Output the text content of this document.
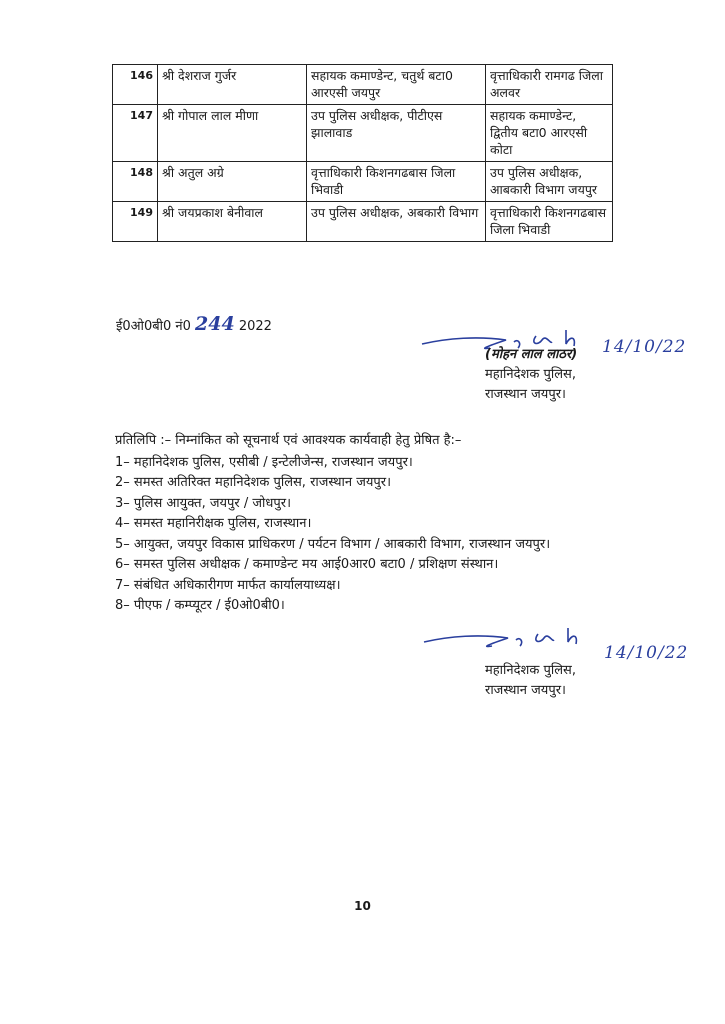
146	श्री देशराज गुर्जर	सहायक कमाण्डेन्ट, चतुर्थ बटा0 आरएसी जयपुर	वृत्ताधिकारी रामगढ जिला अलवर
147	श्री गोपाल लाल मीणा	उप पुलिस अधीक्षक, पीटीएस झालावाड	सहायक कमाण्डेन्ट, द्वितीय बटा0 आरएसी कोटा
148	श्री अतुल अग्रे	वृत्ताधिकारी किशनगढबास जिला भिवाडी	उप पुलिस अधीक्षक, आबकारी विभाग जयपुर
149	श्री जयप्रकाश बेनीवाल	उप पुलिस अधीक्षक, अबकारी विभाग	वृत्ताधिकारी किशनगढबास जिला भिवाडी
ई0ओ0बी0 नं0 244 2022
14/10/22
(मोहन लाल लाठर)
महानिदेशक पुलिस,
राजस्थान जयपुर।
प्रतिलिपि :– निम्नांकित को सूचनार्थ एवं आवश्यक कार्यवाही हेतु प्रेषित है:–
1– महानिदेशक पुलिस, एसीबी / इन्टेलीजेन्स, राजस्थान जयपुर।
2– समस्त अतिरिक्त महानिदेशक पुलिस, राजस्थान जयपुर।
3– पुलिस आयुक्त, जयपुर / जोधपुर।
4– समस्त महानिरीक्षक पुलिस, राजस्थान।
5– आयुक्त, जयपुर विकास प्राधिकरण / पर्यटन विभाग / आबकारी विभाग, राजस्थान जयपुर।
6– समस्त पुलिस अधीक्षक / कमाण्डेन्ट मय आई0आर0 बटा0 / प्रशिक्षण संस्थान।
7– संबंधित अधिकारीगण मार्फत कार्यालयाध्यक्ष।
8– पीएफ / कम्प्यूटर / ई0ओ0बी0।
14/10/22
महानिदेशक पुलिस,
राजस्थान जयपुर।
10
